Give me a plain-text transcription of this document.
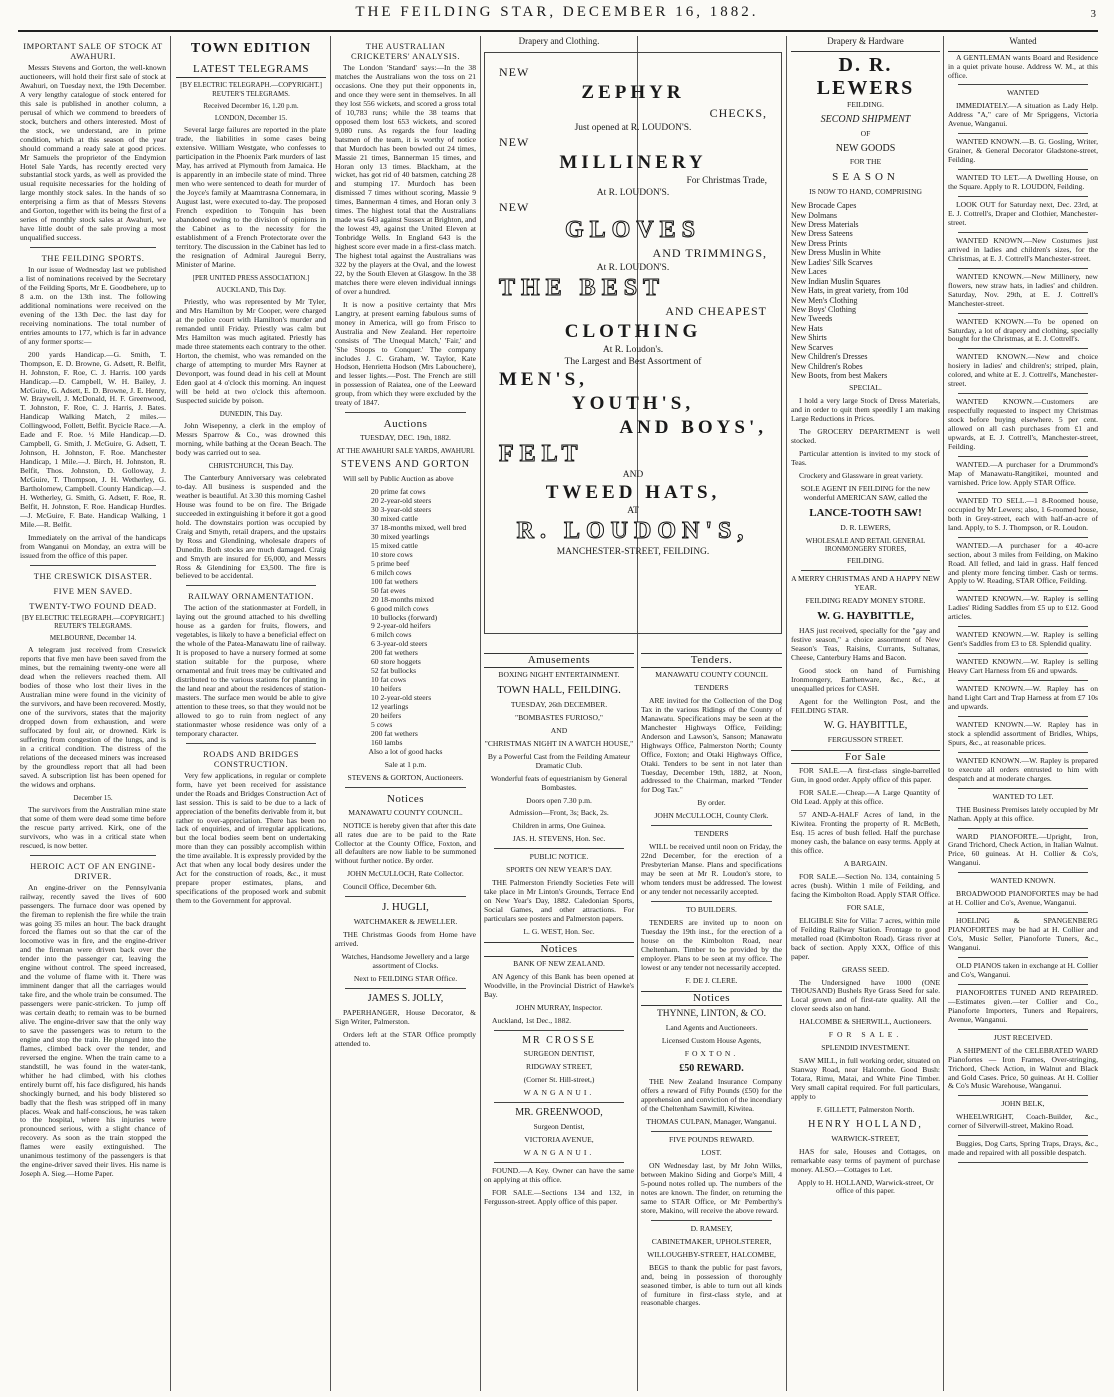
THE FEILDING STAR, DECEMBER 16, 1882.	3
IMPORTANT SALE OF STOCK AT AWAHURI.

Messrs Stevens and Gorton, the well-known auctioneers, will hold their first sale of stock at Awahuri, on Tuesday next, the 19th December. A very lengthy catalogue of stock entered for this sale is published in another column, a perusal of which we commend to breeders of stock, butchers and others interested. Most of the stock, we understand, are in prime condition, which at this season of the year should command a ready sale at good prices. Mr Samuels the proprietor of the Endymion Hotel Sale Yards, has recently erected very substantial stock yards, as well as provided the usual requisite necessaries for the holding of large monthly stock sales. In the hands of so enterprising a firm as that of Messrs Stevens and Gorton, together with its being the first of a series of monthly stock sales at Awahuri, we have little doubt of the sale proving a most unqualified success.

THE FEILDING SPORTS.

In our issue of Wednesday last we published a list of nominations received by the Secretary of the Feilding Sports, Mr E. Goodbehere, up to 8 a.m. on the 13th inst. The following additional nominations were received on the evening of the 13th Dec. the last day for receiving nominations. The total number of entries amounts to 177, which is far in advance of any former sports:—

200 yards Handicap.—G. Smith, T. Thompson, E. D. Browne, G. Adsett, R. Belfit, H. Johnston, F. Roe, C. J. Harris. 100 yards Handicap.—D. Campbell, W. H. Bailey, J. McGuire, G. Adsett, E. D. Browne, J. E. Henry, W. Braywell, J. McDonald, H. F. Greenwood, T. Johnston, F. Roe, C. J. Harris, J. Bates. Handicap Walking Match, 2 miles.—Collingwood, Follett, Belfit. Bycicle Race.—A. Eade and F. Roe. ½ Mile Handicap.—D. Campbell, G. Smith, J. McGuire, G. Adsett, T. Johnson, H. Johnston, F. Roe. Manchester Handicap, 1 Mile.—J. Birch, H. Johnston, R. Belfit, Thos. Johnston, D. Golloway, J. McGuire, T. Thompson, J. H. Wetherley, G. Bartholomew, Campbell. County Handicap.—J. H. Wetherley, G. Smith, G. Adsett, F. Roe, R. Belfit, H. Johnston, F. Roe. Handicap Hurdles.—J. McGuire, F. Bate. Handicap Walking, 1 Mile.—R. Belfit.

Immediately on the arrival of the handicaps from Wanganui on Monday, an extra will be issued from the office of this paper.

THE CRESWICK DISASTER.
FIVE MEN SAVED.
TWENTY-TWO FOUND DEAD.

[BY ELECTRIC TELEGRAPH.—COPYRIGHT.] REUTER'S TELEGRAMS.

MELBOURNE, December 14.

A telegram just received from Creswick reports that five men have been saved from the mines, but the remaining twenty-one were all dead when the relievers reached them. All bodies of those who lost their lives in the Australian mine were found in the vicinity of the survivors, and have been recovered. Mostly, one of the survivors, states that the majority dropped down from exhaustion, and were suffocated by foul air, or drowned. Kirk is suffering from congestion of the lungs, and is in a critical condition. The distress of the relations of the deceased miners was increased by the groundless report that all had been saved. A subscription list has been opened for the widows and orphans.

December 15.

The survivors from the Australian mine state that some of them were dead some time before the rescue party arrived. Kirk, one of the survivors, who was in a critical state when rescued, is now better.

HEROIC ACT OF AN ENGINE-DRIVER.

An engine-driver on the Pennsylvania railway, recently saved the lives of 600 passengers. The furnace door was opened by the fireman to replenish the fire while the train was going 35 miles an hour. The back draught forced the flames out so that the car of the locomotive was in fire, and the engine-driver and the fireman were driven back over the tender into the passenger car, leaving the engine without control. The speed increased, and the volume of flame with it. There was imminent danger that all the carriages would take fire, and the whole train be consumed. The passengers were panic-stricken. To jump off was certain death; to remain was to be burned alive. The engine-driver saw that the only way to save the passengers was to return to the engine and stop the train. He plunged into the flames, climbed back over the tender, and reversed the engine. When the train came to a standstill, he was found in the water-tank, whither he had climbed, with his clothes entirely burnt off, his face disfigured, his hands shockingly burned, and his body blistered so badly that the flesh was stripped off in many places. Weak and half-conscious, he was taken to the hospital, where his injuries were pronounced serious, with a slight chance of recovery. As soon as the train stopped the flames were easily extinguished. The unanimous testimony of the passengers is that the engine-driver saved their lives. His name is Joseph A. Sieg.—Home Paper.

TOWN EDITION
LATEST TELEGRAMS

[BY ELECTRIC TELEGRAPH.—COPYRIGHT.] REUTER'S TELEGRAMS.

Received December 16, 1.20 p.m.

LONDON, December 15.

Several large failures are reported in the plate trade, the liabilities in some cases being extensive. William Westgate, who confesses to participation in the Phoenix Park murders of last May, has arrived at Plymouth from Jamaica. He is apparently in an imbecile state of mind. Three men who were sentenced to death for murder of the Joyce's family at Maamtrasna Connemara, in August last, were executed to-day. The proposed French expedition to Tonquin has been abandoned owing to the division of opinions in the Cabinet as to the necessity for the establishment of a French Protectorate over the territory. The discussion in the Cabinet has led to the resignation of Admiral Jauregui Berry, Minister of Marine.

[PER UNITED PRESS ASSOCIATION.]

AUCKLAND, This Day.

Priestly, who was represented by Mr Tyler, and Mrs Hamilton by Mr Cooper, were charged at the police court with Hamilton's murder and remanded until Friday. Priestly was calm but Mrs Hamilton was much agitated. Priestly has made three statements each contrary to the other. Horton, the chemist, who was remanded on the charge of attempting to murder Mrs Rayner at Devonport, was found dead in his cell at Mount Eden gaol at 4 o'clock this morning. An inquest will be held at two o'clock this afternoon. Suspected suicide by poison.

DUNEDIN, This Day.

John Wisepenny, a clerk in the employ of Messrs Sparrow & Co., was drowned this morning, while bathing at the Ocean Beach. The body was carried out to sea.

CHRISTCHURCH, This Day.

The Canterbury Anniversary was celebrated to-day. All business is suspended and the weather is beautiful. At 3.30 this morning Cashel House was found to be on fire. The Brigade succeeded in extinguishing it before it got a good hold. The downstairs portion was occupied by Craig and Smyth, retail drapers, and the upstairs by Ross and Glendining, wholesale drapers of Dunedin. Both stocks are much damaged. Craig and Smyth are insured for £6,000, and Messrs Ross & Glendining for £3,500. The fire is believed to be accidental.

RAILWAY ORNAMENTATION.

The action of the stationmaster at Fordell, in laying out the ground attached to his dwelling house as a garden for fruits, flowers, and vegetables, is likely to have a beneficial effect on the whole of the Patea-Manawatu line of railway. It is proposed to have a nursery formed at some station suitable for the purpose, where ornamental and fruit trees may be cultivated and distributed to the various stations for planting in the land near and about the residences of station-masters. The surface men would be able to give attention to these trees, so that they would not be allowed to go to ruin from neglect of any stationmaster whose residence was only of a temporary character.

ROADS AND BRIDGES CONSTRUCTION.

Very few applications, in regular or complete form, have yet been received for assistance under the Roads and Bridges Construction Act of last session. This is said to be due to a lack of appreciation of the benefits derivable from it, but rather to over-appreciation. There has been no lack of enquiries, and of irregular applications, but the local bodies seem bent on undertaking more than they can possibly accomplish within the time available. It is expressly provided by the Act that when any local body desires under the Act for the construction of roads, &c., it must prepare proper estimates, plans, and specifications of the proposed work and submit them to the Government for approval.

THE AUSTRALIAN CRICKETERS' ANALYSIS.

The London 'Standard' says:—In the 38 matches the Australians won the toss on 21 occasions. One they put their opponents in, and once they were sent in themselves. In all they lost 556 wickets, and scored a gross total of 10,783 runs; while the 38 teams that opposed them lost 653 wickets, and scored 9,080 runs. As regards the four leading batsmen of the team, it is worthy of notice that Murdoch has been bowled out 24 times, Massie 21 times, Bannerman 15 times, and Horan only 13 times. Blackham, at the wicket, has got rid of 40 batsmen, catching 28 and stumping 17. Murdoch has been dismissed 7 times without scoring, Massie 9 times, Bannerman 4 times, and Horan only 3 times. The highest total that the Australians made was 643 against Sussex at Brighton, and the lowest 49, against the United Eleven at Tonbridge Wells. In England 643 is the highest score ever made in a first-class match. The highest total against the Australians was 322 by the players at the Oval, and the lowest 22, by the South Eleven at Glasgow. In the 38 matches there were eleven individual innings of over a hundred.

It is now a positive certainty that Mrs Langtry, at present earning fabulous sums of money in America, will go from Frisco to Australia and New Zealand. Her repertoire consists of 'The Unequal Match,' 'Fair,' and 'She Stoops to Conquer.' The company includes J. C. Graham, W. Taylor, Kate Hodson, Henrietta Hodson (Mrs Labouchere), and lesser lights.—Post. The French are still in possession of Raiatea, one of the Leeward group, from which they were excluded by the treaty of 1847.

Auctions

TUESDAY, DEC. 19th, 1882.

AT THE AWAHURI SALE YARDS, AWAHURI.

STEVENS AND GORTON

Will sell by Public Auction as above

20 prime fat cows
20 2-year-old steers
30 3-year-old steers
30 mixed cattle
37 18-months mixed, well bred
30 mixed yearlings
15 mixed cattle
10 store cows
5 prime beef
6 milch cows
100 fat wethers
50 fat ewes
20 18-months mixed
6 good milch cows
10 bullocks (forward)
9 2-year-old heifers
6 milch cows
6 3-year-old steers
200 fat wethers
60 store hoggets
52 fat bullocks
10 fat cows
10 heifers
10 2-year-old steers
12 yearlings
20 heifers
5 cows
200 fat wethers
160 lambs

Also a lot of good hacks

Sale at 1 p.m.

STEVENS & GORTON, Auctioneers.

Notices

MANAWATU COUNTY COUNCIL.

NOTICE is hereby given that after this date all rates due are to be paid to the Rate Collector at the County Office, Foxton, and all defaulters are now liable to be summoned without further notice. By order.

JOHN McCULLOCH, Rate Collector.

Council Office, December 6th.

J. HUGLI,

WATCHMAKER & JEWELLER.

THE Christmas Goods from Home have arrived.

Watches, Handsome Jewellery and a large assortment of Clocks.

Next to FEILDING STAR Office.

JAMES S. JOLLY,

PAPERHANGER, House Decorator, & Sign Writer, Palmerston.

Orders left at the STAR Office promptly attended to.

Drapery and Clothing.

NEW
ZEPHYR
CHECKS,
Just opened at R. LOUDON'S.
NEW
MILLINERY
For Christmas Trade,
At R. LOUDON'S.
NEW
GLOVES
AND TRIMMINGS,
At R. LOUDON'S.
THE BEST
AND CHEAPEST
CLOTHING
At R. Loudon's.
The Largest and Best Assortment of
MEN'S,
YOUTH'S,
AND BOYS',
FELT
AND
TWEED HATS,
AT
R. LOUDON'S,
MANCHESTER-STREET, FEILDING.
Amusements

BOXING NIGHT ENTERTAINMENT.

TOWN HALL, FEILDING.

TUESDAY, 26th DECEMBER.

"BOMBASTES FURIOSO,"

AND

"CHRISTMAS NIGHT IN A WATCH HOUSE,"

By a Powerful Cast from the Feilding Amateur Dramatic Club.

Wonderful feats of equestrianism by General Bombastes.

Doors open 7.30 p.m.

Admission—Front, 3s; Back, 2s.

Children in arms, One Guinea.

JAS. H. STEVENS, Hon. Sec.

PUBLIC NOTICE.

SPORTS ON NEW YEAR'S DAY.

THE Palmerston Friendly Societies Fete will take place in Mr Linton's Grounds, Terrace End on New Year's Day, 1882. Caledonian Sports, Social Games, and other attractions. For particulars see posters and Palmerston papers.

L. G. WEST, Hon. Sec.

Notices

BANK OF NEW ZEALAND.

AN Agency of this Bank has been opened at Woodville, in the Provincial District of Hawke's Bay.

JOHN MURRAY, Inspector.

Auckland, 1st Dec., 1882.

MR CROSSE

SURGEON DENTIST,

RIDGWAY STREET,

(Corner St. Hill-street,)

WANGANUI.

MR. GREENWOOD,

Surgeon Dentist,

VICTORIA AVENUE,

WANGANUI.

FOUND.—A Key. Owner can have the same on applying at this office.

FOR SALE.—Sections 134 and 132, in Fergusson-street. Apply office of this paper.

Tenders.

MANAWATU COUNTY COUNCIL

TENDERS

ARE invited for the Collection of the Dog Tax in the various Ridings of the County of Manawatu. Specifications may be seen at the Manchester Highways Office, Feilding; Anderson and Lawson's, Sanson; Manawatu Highways Office, Palmerston North; County Office, Foxton; and Otaki Highways Office, Otaki. Tenders to be sent in not later than Tuesday, December 19th, 1882, at Noon, addressed to the Chairman, marked "Tender for Dog Tax."

By order.

JOHN McCULLOCH, County Clerk.

TENDERS

WILL be received until noon on Friday, the 22nd December, for the erection of a Presbyterian Manse. Plans and specifications may be seen at Mr R. Loudon's store, to whom tenders must be addressed. The lowest or any tender not necessarily accepted.

TO BUILDERS.

TENDERS are invited up to noon on Tuesday the 19th inst., for the erection of a house on the Kimbolton Road, near Cheltenham. Timber to be provided by the employer. Plans to be seen at my office. The lowest or any tender not necessarily accepted.

F. DE J. CLERE.

Notices

THYNNE, LINTON, & CO.

Land Agents and Auctioneers.

Licensed Custom House Agents,

FOXTON.

£50 REWARD.

THE New Zealand Insurance Company offers a reward of Fifty Pounds (£50) for the apprehension and conviction of the incendiary of the Cheltenham Sawmill, Kiwitea.

THOMAS CULPAN, Manager, Wanganui.

FIVE POUNDS REWARD.

LOST.

ON Wednesday last, by Mr John Wilks, between Makino Siding and Gorpe's Mill, 4 5-pound notes rolled up. The numbers of the notes are known. The finder, on returning the same to STAR Office, or Mr Pemberthy's store, Makino, will receive the above reward.

D. RAMSEY,

CABINETMAKER, UPHOLSTERER,

WILLOUGHBY-STREET, HALCOMBE,

BEGS to thank the public for past favors, and, being in possession of thoroughly seasoned timber, is able to turn out all kinds of furniture in first-class style, and at reasonable charges.

Drapery & Hardware

D. R. LEWERS

FEILDING.

SECOND SHIPMENT

OF

NEW GOODS

FOR THE

SEASON

IS NOW TO HAND, COMPRISING

New Brocade Capes
New Dolmans
New Dress Materials
New Dress Sateens
New Dress Prints
New Dress Muslin in White
New Ladies' Silk Scarves
New Laces
New Indian Muslin Squares
New Hats, in great variety, from 10d
New Men's Clothing
New Boys' Clothing
New Tweeds
New Hats
New Shirts
New Scarves
New Children's Dresses
New Children's Robes
New Boots, from best Makers

SPECIAL.

I hold a very large Stock of Dress Materials, and in order to quit them speedily I am making Large Reductions in Prices.

The GROCERY DEPARTMENT is well stocked.

Particular attention is invited to my stock of Teas.

Crockery and Glassware in great variety.

SOLE AGENT IN FEILDING for the new wonderful AMERICAN SAW, called the

LANCE-TOOTH SAW!

D. R. LEWERS,

WHOLESALE AND RETAIL GENERAL IRONMONGERY STORES,

FEILDING.

A MERRY CHRISTMAS AND A HAPPY NEW YEAR.

FEILDING READY MONEY STORE.

W. G. HAYBITTLE,

HAS just received, specially for the "gay and festive season," a choice assortment of New Season's Teas, Raisins, Currants, Sultanas, Cheese, Canterbury Hams and Bacon.

Good stock on hand of Furnishing Ironmongery, Earthenware, &c., &c., at unequalled prices for CASH.

Agent for the Wellington Post, and the FEILDING STAR.

W. G. HAYBITTLE,

FERGUSSON STREET.

For Sale

FOR SALE.—A first-class single-barrelled Gun, in good order. Apply office of this paper.

FOR SALE.—Cheap.—A Large Quantity of Old Lead. Apply at this office.

57 AND-A-HALF Acres of land, in the Kiwitea. Fronting the property of R. McBeth, Esq. 15 acres of bush felled. Half the purchase money cash, the balance on easy terms. Apply at this office.

A BARGAIN.

FOR SALE.—Section No. 134, containing 5 acres (bush). Within 1 mile of Feilding, and facing the Kimbolton Road. Apply STAR Office.

FOR SALE,

ELIGIBLE Site for Villa: 7 acres, within mile of Feilding Railway Station. Frontage to good metalled road (Kimbolton Road). Grass river at back of section. Apply XXX, Office of this paper.

GRASS SEED.

The Undersigned have 1000 (ONE THOUSAND) Bushels Rye Grass Seed for sale. Local grown and of first-rate quality. All the clover seeds also on hand.

HALCOMBE & SHERWILL, Auctioneers.

FOR SALE.

SPLENDID INVESTMENT.

SAW MILL, in full working order, situated on Stanway Road, near Halcombe. Good Bush: Totara, Rimu, Matai, and White Pine Timber. Very small capital required. For full particulars, apply to

F. GILLETT, Palmerston North.

HENRY HOLLAND,

WARWICK-STREET,

HAS for sale, Houses and Cottages, on remarkable easy terms of payment of purchase money. ALSO.—Cottages to Let.

Apply to H. HOLLAND, Warwick-street, Or office of this paper.

Wanted

A GENTLEMAN wants Board and Residence in a quiet private house. Address W. M., at this office.

WANTED

IMMEDIATELY.—A situation as Lady Help. Address "A," care of Mr Spriggens, Victoria Avenue, Wanganui.

WANTED KNOWN.—B. G. Gosling, Writer, Grainer, & General Decorator Gladstone-street, Feilding.

WANTED TO LET.—A Dwelling House, on the Square. Apply to R. LOUDON, Feilding.

LOOK OUT for Saturday next, Dec. 23rd, at E. J. Cottrell's, Draper and Clothier, Manchester-street.

WANTED KNOWN.—New Costumes just arrived in ladies and children's sizes, for the Christmas, at E. J. Cottrell's Manchester-street.

WANTED KNOWN.—New Millinery, new flowers, new straw hats, in ladies' and children. Saturday, Nov. 29th, at E. J. Cottrell's Manchester-street.

WANTED KNOWN.—To be opened on Saturday, a lot of drapery and clothing, specially bought for the Christmas, at E. J. Cottrell's.

WANTED KNOWN.—New and choice hosiery in ladies' and children's; striped, plain, colored, and white at E. J. Cottrell's, Manchester-street.

WANTED KNOWN.—Customers are respectfully requested to inspect my Christmas stock before buying elsewhere. 5 per cent. allowed on all cash purchases from £1 and upwards, at E. J. Cottrell's, Manchester-street, Feilding.

WANTED.—A purchaser for a Drummond's Map of Manawatu-Rangitikei, mounted and varnished. Price low. Apply STAR Office.

WANTED TO SELL.—1 8-Roomed house, occupied by Mr Lewers; also, 1 6-roomed house, both in Grey-street, each with half-an-acre of land. Apply, to S. J. Thompson, or R. Loudon.

WANTED.—A purchaser for a 40-acre section, about 3 miles from Feilding, on Makino Road. All felled, and laid in grass. Half fenced and plenty more fencing timber. Cash or terms. Apply to W. Reading, STAR Office, Feilding.

WANTED KNOWN.—W. Rapley is selling Ladies' Riding Saddles from £5 up to £12. Good articles.

WANTED KNOWN.—W. Rapley is selling Gent's Saddles from £3 to £8. Splendid quality.

WANTED KNOWN.—W. Rapley is selling Heavy Cart Harness from £6 and upwards.

WANTED KNOWN.—W. Rapley has on hand Light Cart and Trap Harness at from £7 10s and upwards.

WANTED KNOWN.—W. Rapley has in stock a splendid assortment of Bridles, Whips, Spurs, &c., at reasonable prices.

WANTED KNOWN.—W. Rapley is prepared to execute all orders entrusted to him with despatch and at moderate charges.

WANTED TO LET.

THE Business Premises lately occupied by Mr Nathan. Apply at this office.

WARD PIANOFORTE.—Upright, Iron, Grand Trichord, Check Action, in Italian Walnut. Price, 60 guineas. At H. Collier & Co's, Wanganui.

WANTED KNOWN.

BROADWOOD PIANOFORTES may be had at H. Collier and Co's, Avenue, Wanganui.

HOELING & SPANGENBERG PIANOFORTES may be had at H. Collier and Co's, Music Seller, Pianoforte Tuners, &c., Wanganui.

OLD PIANOS taken in exchange at H. Collier and Co's, Wanganui.

PIANOFORTES TUNED AND REPAIRED.—Estimates given.—ter Collier and Co., Pianoforte Importers, Tuners and Repairers, Avenue, Wanganui.

JUST RECEIVED.

A SHIPMENT of the CELEBRATED WARD Pianofortes — Iron Frames, Over-stringing, Trichord, Check Action, in Walnut and Black and Gold Cases. Price, 50 guineas. At H. Collier & Co's Music Warehouse, Wanganui.

JOHN BELK,

WHEELWRIGHT, Coach-Builder, &c., corner of Silverwill-street, Makino Road.

Buggies, Dog Carts, Spring Traps, Drays, &c., made and repaired with all possible despatch.
